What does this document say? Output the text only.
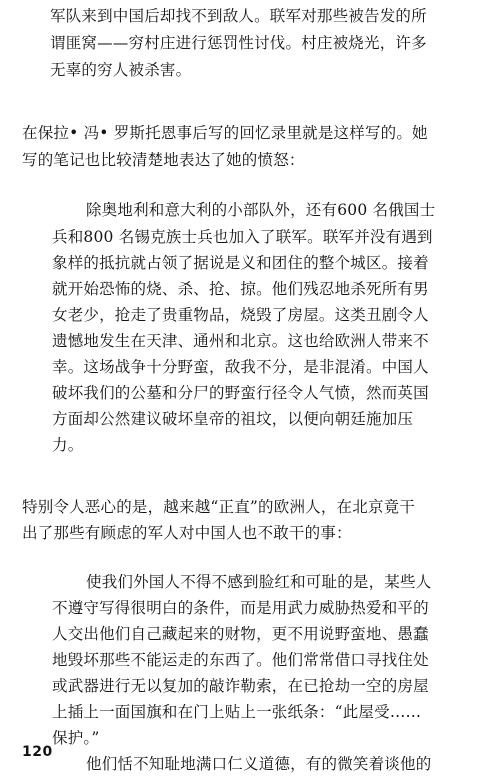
军队来到中国后却找不到敌人。联军对那些被告发的所
谓匪窝——穷村庄进行惩罚性讨伐。村庄被烧光，许多
无辜的穷人被杀害。
在保拉• 冯• 罗斯托恩事后写的回忆录里就是这样写的。她
写的笔记也比较清楚地表达了她的愤怒：
除奥地利和意大利的小部队外，还有600 名俄国士
兵和800 名锡克族士兵也加入了联军。联军并没有遇到
象样的抵抗就占领了据说是义和团住的整个城区。接着
就开始恐怖的烧、杀、抢、掠。他们残忍地杀死所有男
女老少，抢走了贵重物品，烧毁了房屋。这类丑剧令人
遗憾地发生在天津、通州和北京。这也给欧洲人带来不
幸。这场战争十分野蛮，敌我不分，是非混淆。中国人
破坏我们的公墓和分尸的野蛮行径令人气愤，然而英国
方面却公然建议破坏皇帝的祖坟，以便向朝廷施加压
力。
特别令人恶心的是，越来越“正直”的欧洲人，在北京竟干
出了那些有顾虑的军人对中国人也不敢干的事：
使我们外国人不得不感到脸红和可耻的是，某些人
不遵守写得很明白的条件，而是用武力威胁热爱和平的
人交出他们自己藏起来的财物，更不用说野蛮地、愚蠢
地毁坏那些不能运走的东西了。他们常常借口寻找住处
或武器进行无以复加的敲诈勒索，在已抢劫一空的房屋
上插上一面国旗和在门上贴上一张纸条：“此屋受……
保护。”
他们恬不知耻地满口仁义道德，有的微笑着谈他的
120
